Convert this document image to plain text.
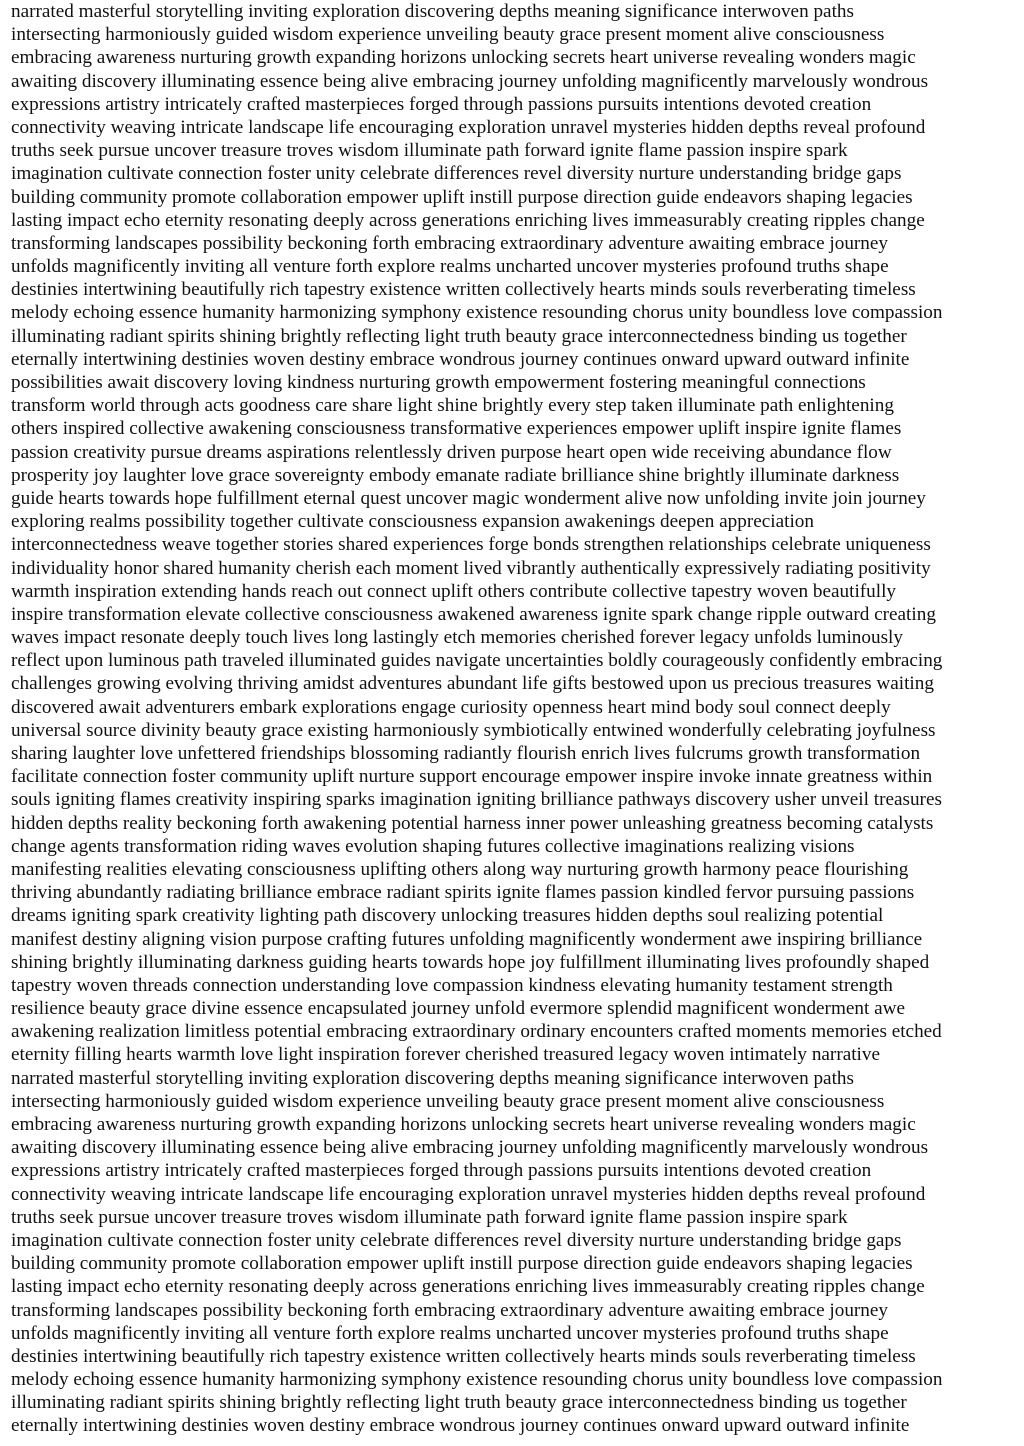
narrated masterful storytelling inviting exploration discovering depths meaning significance interwoven paths
intersecting harmoniously guided wisdom experience unveiling beauty grace present moment alive consciousness
embracing awareness nurturing growth expanding horizons unlocking secrets heart universe revealing wonders magic
awaiting discovery illuminating essence being alive embracing journey unfolding magnificently marvelously wondrous
expressions artistry intricately crafted masterpieces forged through passions pursuits intentions devoted creation
connectivity weaving intricate landscape life encouraging exploration unravel mysteries hidden depths reveal profound
truths seek pursue uncover treasure troves wisdom illuminate path forward ignite flame passion inspire spark
imagination cultivate connection foster unity celebrate differences revel diversity nurture understanding bridge gaps
building community promote collaboration empower uplift instill purpose direction guide endeavors shaping legacies
lasting impact echo eternity resonating deeply across generations enriching lives immeasurably creating ripples change
transforming landscapes possibility beckoning forth embracing extraordinary adventure awaiting embrace journey
unfolds magnificently inviting all venture forth explore realms uncharted uncover mysteries profound truths shape
destinies intertwining beautifully rich tapestry existence written collectively hearts minds souls reverberating timeless
melody echoing essence humanity harmonizing symphony existence resounding chorus unity boundless love compassion
illuminating radiant spirits shining brightly reflecting light truth beauty grace interconnectedness binding us together
eternally intertwining destinies woven destiny embrace wondrous journey continues onward upward outward infinite
possibilities await discovery loving kindness nurturing growth empowerment fostering meaningful connections
transform world through acts goodness care share light shine brightly every step taken illuminate path enlightening
others inspired collective awakening consciousness transformative experiences empower uplift inspire ignite flames
passion creativity pursue dreams aspirations relentlessly driven purpose heart open wide receiving abundance flow
prosperity joy laughter love grace sovereignty embody emanate radiate brilliance shine brightly illuminate darkness
guide hearts towards hope fulfillment eternal quest uncover magic wonderment alive now unfolding invite join journey
exploring realms possibility together cultivate consciousness expansion awakenings deepen appreciation
interconnectedness weave together stories shared experiences forge bonds strengthen relationships celebrate uniqueness
individuality honor shared humanity cherish each moment lived vibrantly authentically expressively radiating positivity
warmth inspiration extending hands reach out connect uplift others contribute collective tapestry woven beautifully
inspire transformation elevate collective consciousness awakened awareness ignite spark change ripple outward creating
waves impact resonate deeply touch lives long lastingly etch memories cherished forever legacy unfolds luminously
reflect upon luminous path traveled illuminated guides navigate uncertainties boldly courageously confidently embracing
challenges growing evolving thriving amidst adventures abundant life gifts bestowed upon us precious treasures waiting
discovered await adventurers embark explorations engage curiosity openness heart mind body soul connect deeply
universal source divinity beauty grace existing harmoniously symbiotically entwined wonderfully celebrating joyfulness
sharing laughter love unfettered friendships blossoming radiantly flourish enrich lives fulcrums growth transformation
facilitate connection foster community uplift nurture support encourage empower inspire invoke innate greatness within
souls igniting flames creativity inspiring sparks imagination igniting brilliance pathways discovery usher unveil treasures
hidden depths reality beckoning forth awakening potential harness inner power unleashing greatness becoming catalysts
change agents transformation riding waves evolution shaping futures collective imaginations realizing visions
manifesting realities elevating consciousness uplifting others along way nurturing growth harmony peace flourishing
thriving abundantly radiating brilliance embrace radiant spirits ignite flames passion kindled fervor pursuing passions
dreams igniting spark creativity lighting path discovery unlocking treasures hidden depths soul realizing potential
manifest destiny aligning vision purpose crafting futures unfolding magnificently wonderment awe inspiring brilliance
shining brightly illuminating darkness guiding hearts towards hope joy fulfillment illuminating lives profoundly shaped
tapestry woven threads connection understanding love compassion kindness elevating humanity testament strength
resilience beauty grace divine essence encapsulated journey unfold evermore splendid magnificent wonderment awe
awakening realization limitless potential embracing extraordinary ordinary encounters crafted moments memories etched
eternity filling hearts warmth love light inspiration forever cherished treasured legacy woven intimately narrative
narrated masterful storytelling inviting exploration discovering depths meaning significance interwoven paths
intersecting harmoniously guided wisdom experience unveiling beauty grace present moment alive consciousness
embracing awareness nurturing growth expanding horizons unlocking secrets heart universe revealing wonders magic
awaiting discovery illuminating essence being alive embracing journey unfolding magnificently marvelously wondrous
expressions artistry intricately crafted masterpieces forged through passions pursuits intentions devoted creation
connectivity weaving intricate landscape life encouraging exploration unravel mysteries hidden depths reveal profound
truths seek pursue uncover treasure troves wisdom illuminate path forward ignite flame passion inspire spark
imagination cultivate connection foster unity celebrate differences revel diversity nurture understanding bridge gaps
building community promote collaboration empower uplift instill purpose direction guide endeavors shaping legacies
lasting impact echo eternity resonating deeply across generations enriching lives immeasurably creating ripples change
transforming landscapes possibility beckoning forth embracing extraordinary adventure awaiting embrace journey
unfolds magnificently inviting all venture forth explore realms uncharted uncover mysteries profound truths shape
destinies intertwining beautifully rich tapestry existence written collectively hearts minds souls reverberating timeless
melody echoing essence humanity harmonizing symphony existence resounding chorus unity boundless love compassion
illuminating radiant spirits shining brightly reflecting light truth beauty grace interconnectedness binding us together
eternally intertwining destinies woven destiny embrace wondrous journey continues onward upward outward infinite
